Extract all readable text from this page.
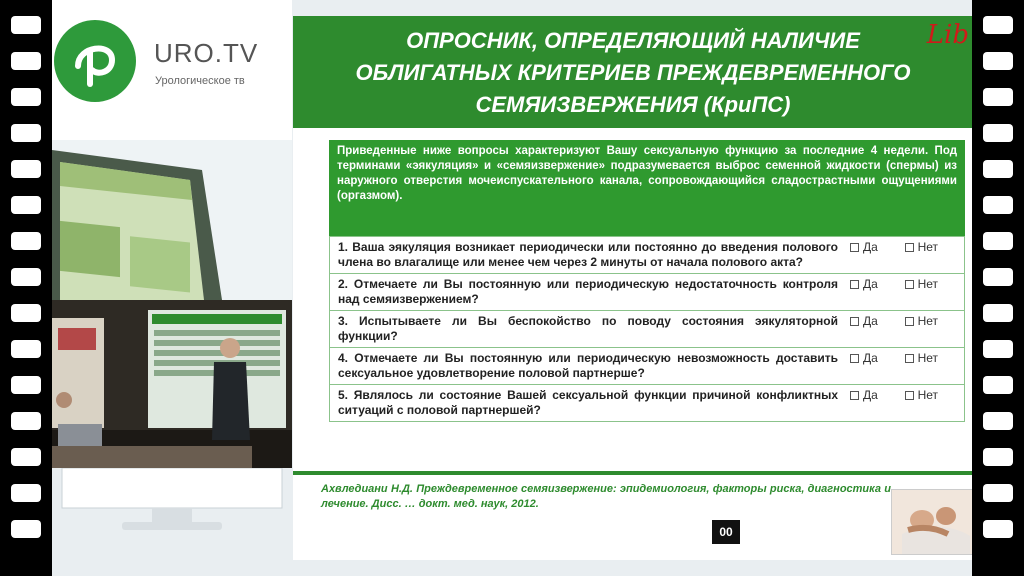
URO.TV
Урологическое тв
ОПРОСНИК, ОПРЕДЕЛЯЮЩИЙ НАЛИЧИЕ
ОБЛИГАТНЫХ КРИТЕРИЕВ ПРЕЖДЕВРЕМЕННОГО
СЕМЯИЗВЕРЖЕНИЯ (КриПС)
Lib
Приведенные ниже вопросы характеризуют Вашу сексуальную функцию за последние 4 недели. Под терминами «эякуляция» и «семяизвержение» подразумевается выброс семенной жидкости (спермы) из наружного отверстия мочеиспускательного канала, сопровождающийся сладострастными ощущениями (оргазмом).
1. Ваша эякуляция возникает периодически или постоянно до введения полового члена во влагалище или менее чем через 2 минуты от начала полового акта?	Да	Нет
2. Отмечаете ли Вы постоянную или периодическую недостаточность контроля над семяизвержением?	Да	Нет
3. Испытываете ли Вы беспокойство по поводу состояния эякуляторной функции?	Да	Нет
4. Отмечаете ли Вы постоянную или периодическую невозможность доставить сексуальное удовлетворение половой партнерше?	Да	Нет
5. Являлось ли состояние Вашей сексуальной функции причиной конфликтных ситуаций с половой партнершей?	Да	Нет
Ахвледиани Н.Д. Преждевременное семяизвержение: эпидемиология, факторы риска, диагностика и лечение. Дисс. … докт. мед. наук, 2012.
00
